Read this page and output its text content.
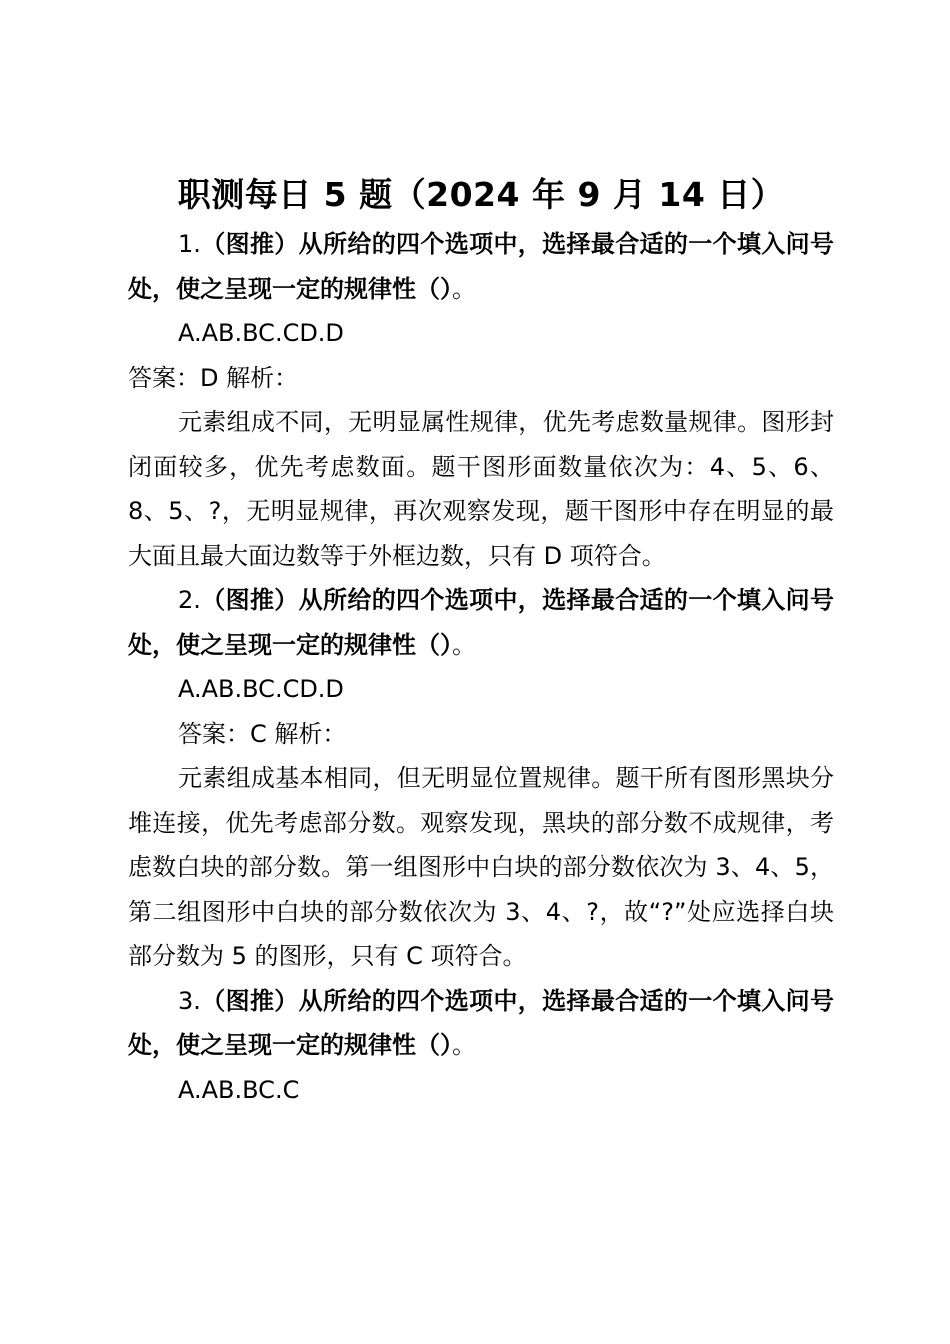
职测每日 5 题（2024 年 9 月 14 日）

1.（图推）从所给的四个选项中，选择最合适的一个填入问号处，使之呈现一定的规律性（）。

A.AB.BC.CD.D

答案：D 解析：

元素组成不同，无明显属性规律，优先考虑数量规律。图形封闭面较多，优先考虑数面。题干图形面数量依次为：4、5、6、8、5、?，无明显规律，再次观察发现，题干图形中存在明显的最大面且最大面边数等于外框边数，只有 D 项符合。

2.（图推）从所给的四个选项中，选择最合适的一个填入问号处，使之呈现一定的规律性（）。

A.AB.BC.CD.D

答案：C 解析：

元素组成基本相同，但无明显位置规律。题干所有图形黑块分堆连接，优先考虑部分数。观察发现，黑块的部分数不成规律，考虑数白块的部分数。第一组图形中白块的部分数依次为 3、4、5，第二组图形中白块的部分数依次为 3、4、?，故“?”处应选择白块部分数为 5 的图形，只有 C 项符合。

3.（图推）从所给的四个选项中，选择最合适的一个填入问号处，使之呈现一定的规律性（）。

A.AB.BC.C
